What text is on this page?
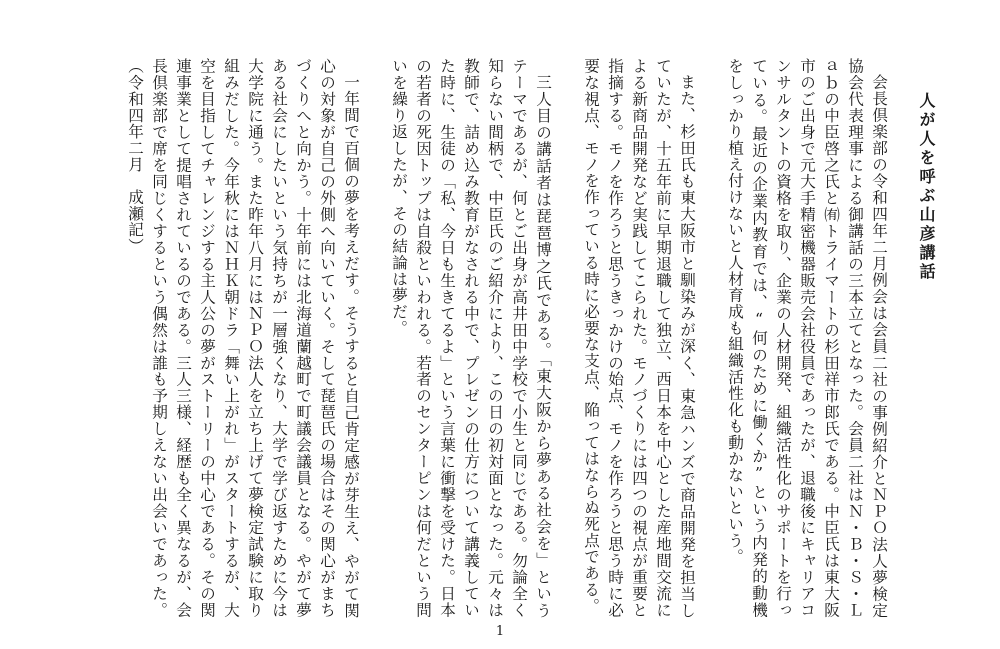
人が人を呼ぶ山彦講話

会長倶楽部の令和四年二月例会は会員二社の事例紹介とＮＰＯ法人夢検定協会代表理事による御講話の三本立てとなった。会員二社はＮ・Ｂ・Ｓ・Ｌａｂの中臣啓之氏と㈲トライマートの杉田祥市郎氏である。中臣氏は東大阪市のご出身で元大手精密機器販売会社役員であったが、退職後にキャリアコンサルタントの資格を取り、企業の人材開発、組織活性化のサポートを行っている。最近の企業内教育では、“何のために働くか”という内発的動機をしっかり植え付けないと人材育成も組織活性化も動かないという。

また、杉田氏も東大阪市と馴染みが深く、東急ハンズで商品開発を担当していたが、十五年前に早期退職して独立、西日本を中心とした産地間交流による新商品開発など実践してこられた。モノづくりには四つの視点が重要と指摘する。モノを作ろうと思うきっかけの始点、モノを作ろうと思う時に必要な視点、モノを作っている時に必要な支点、陥ってはならぬ死点である。

三人目の講話者は琵琶博之氏である。「東大阪から夢ある社会を」というテーマであるが、何とご出身が高井田中学校で小生と同じである。勿論全く知らない間柄で、中臣氏のご紹介により、この日の初対面となった。元々は教師で、詰め込み教育がなされる中で、プレゼンの仕方について講義していた時に、生徒の「私、今日も生きてるよ」という言葉に衝撃を受けた。日本の若者の死因トップは自殺といわれる。若者のセンターピンは何だという問いを繰り返したが、その結論は夢だ。

一年間で百個の夢を考えだす。そうすると自己肯定感が芽生え、やがて関心の対象が自己の外側へ向いていく。そして琵琶氏の場合はその関心がまちづくりへと向かう。十年前には北海道蘭越町で町議会議員となる。やがて夢ある社会にしたいという気持ちが一層強くなり、大学で学び返すために今は大学院に通う。また昨年八月にはＮＰＯ法人を立ち上げて夢検定試験に取り組みだした。今年秋にはＮＨＫ朝ドラ「舞い上がれ」がスタートするが、大空を目指してチャレンジする主人公の夢がストーリーの中心である。その関連事業として提唱されているのである。三人三様、経歴も全く異なるが、会長倶楽部で席を同じくするという偶然は誰も予期しえない出会いであった。（令和四年二月　成瀬記）

1
